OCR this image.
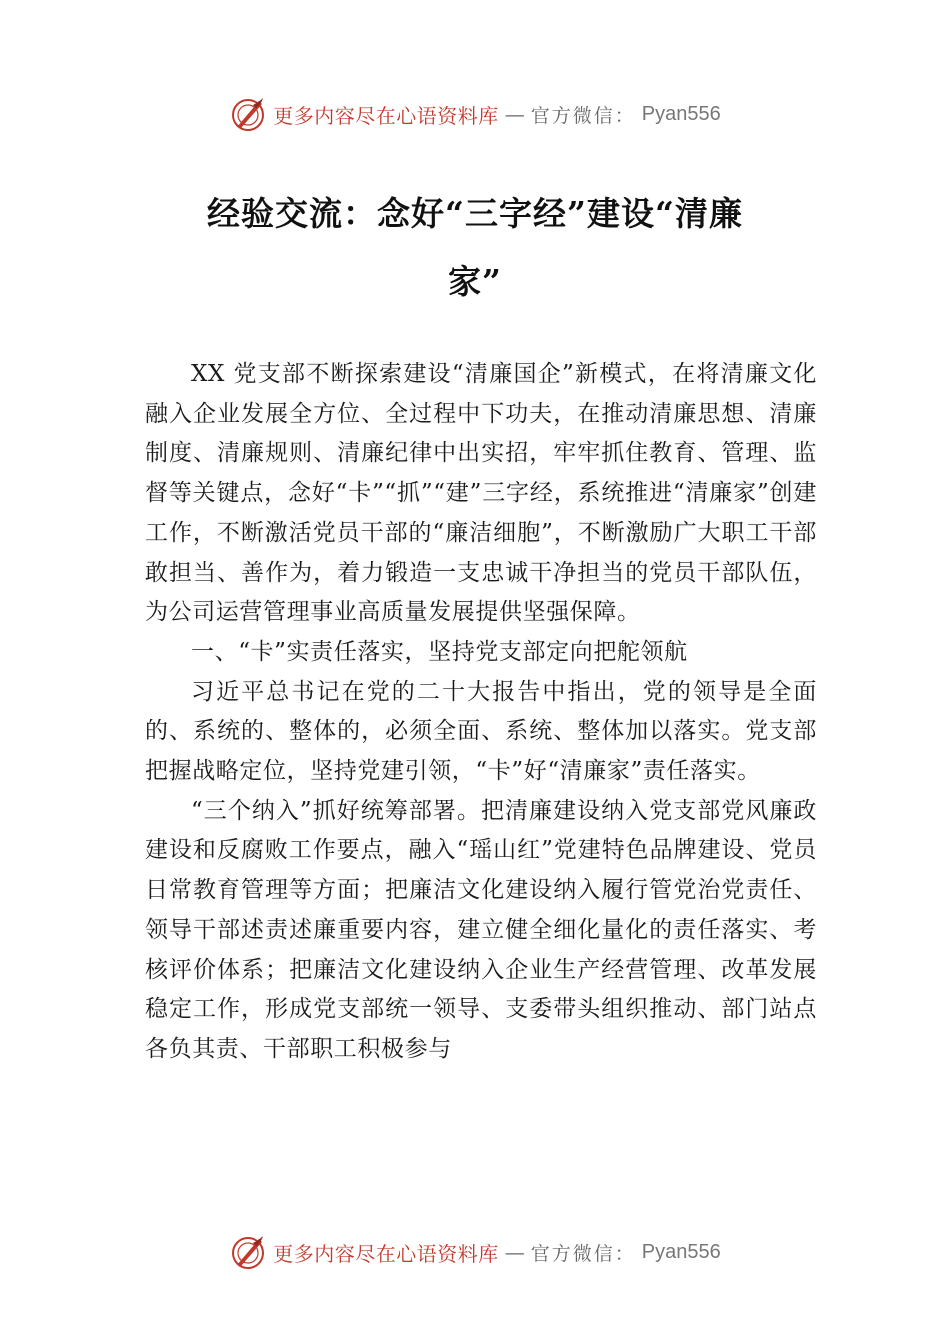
更多内容尽在心语资料库 — 官方微信： Pyan556
经验交流：念好“三字经”建设“清廉
家”

XX 党支部不断探索建设“清廉国企”新模式，在将清廉文化融入企业发展全方位、全过程中下功夫，在推动清廉思想、清廉制度、清廉规则、清廉纪律中出实招，牢牢抓住教育、管理、监督等关键点，念好“卡”“抓”“建”三字经，系统推进“清廉家”创建工作，不断激活党员干部的“廉洁细胞”，不断激励广大职工干部敢担当、善作为，着力锻造一支忠诚干净担当的党员干部队伍，为公司运营管理事业高质量发展提供坚强保障。

一、“卡”实责任落实，坚持党支部定向把舵领航

习近平总书记在党的二十大报告中指出，党的领导是全面的、系统的、整体的，必须全面、系统、整体加以落实。党支部把握战略定位，坚持党建引领，“卡”好“清廉家”责任落实。

“三个纳入”抓好统筹部署。把清廉建设纳入党支部党风廉政建设和反腐败工作要点，融入“瑶山红”党建特色品牌建设、党员日常教育管理等方面；把廉洁文化建设纳入履行管党治党责任、领导干部述责述廉重要内容，建立健全细化量化的责任落实、考核评价体系；把廉洁文化建设纳入企业生产经营管理、改革发展稳定工作，形成党支部统一领导、支委带头组织推动、部门站点各负其责、干部职工积极参与

更多内容尽在心语资料库 — 官方微信： Pyan556
